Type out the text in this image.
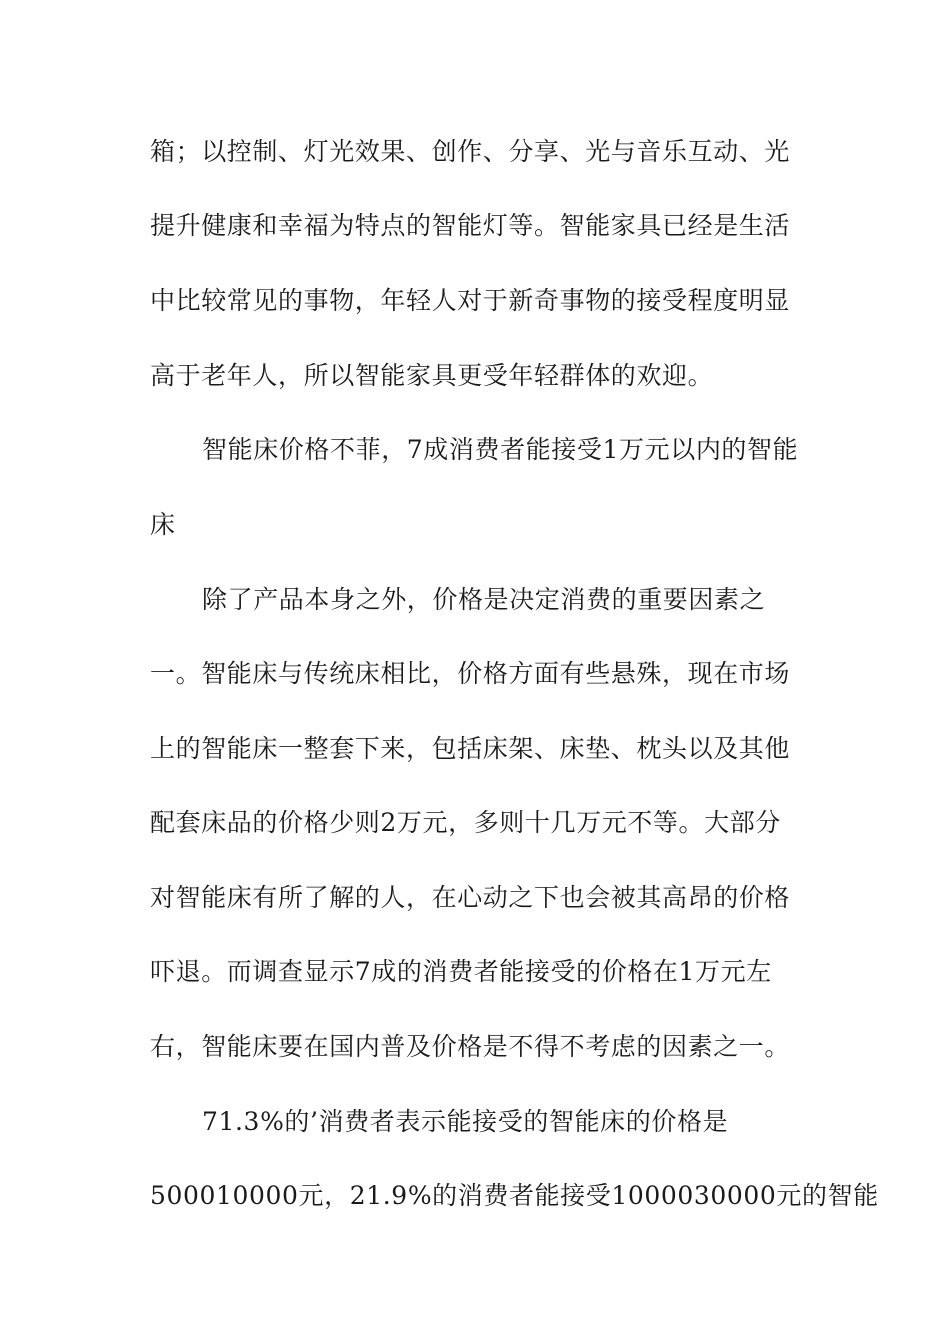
箱；以控制、灯光效果、创作、分享、光与音乐互动、光
提升健康和幸福为特点的智能灯等。智能家具已经是生活
中比较常见的事物，年轻人对于新奇事物的接受程度明显
高于老年人，所以智能家具更受年轻群体的欢迎。
智能床价格不菲，7成消费者能接受1万元以内的智能
床
除了产品本身之外，价格是决定消费的重要因素之
一。智能床与传统床相比，价格方面有些悬殊，现在市场
上的智能床一整套下来，包括床架、床垫、枕头以及其他
配套床品的价格少则2万元，多则十几万元不等。大部分
对智能床有所了解的人，在心动之下也会被其高昂的价格
吓退。而调查显示7成的消费者能接受的价格在1万元左
右，智能床要在国内普及价格是不得不考虑的因素之一。
71.3%的’消费者表示能接受的智能床的价格是
500010000元，21.9%的消费者能接受1000030000元的智能
